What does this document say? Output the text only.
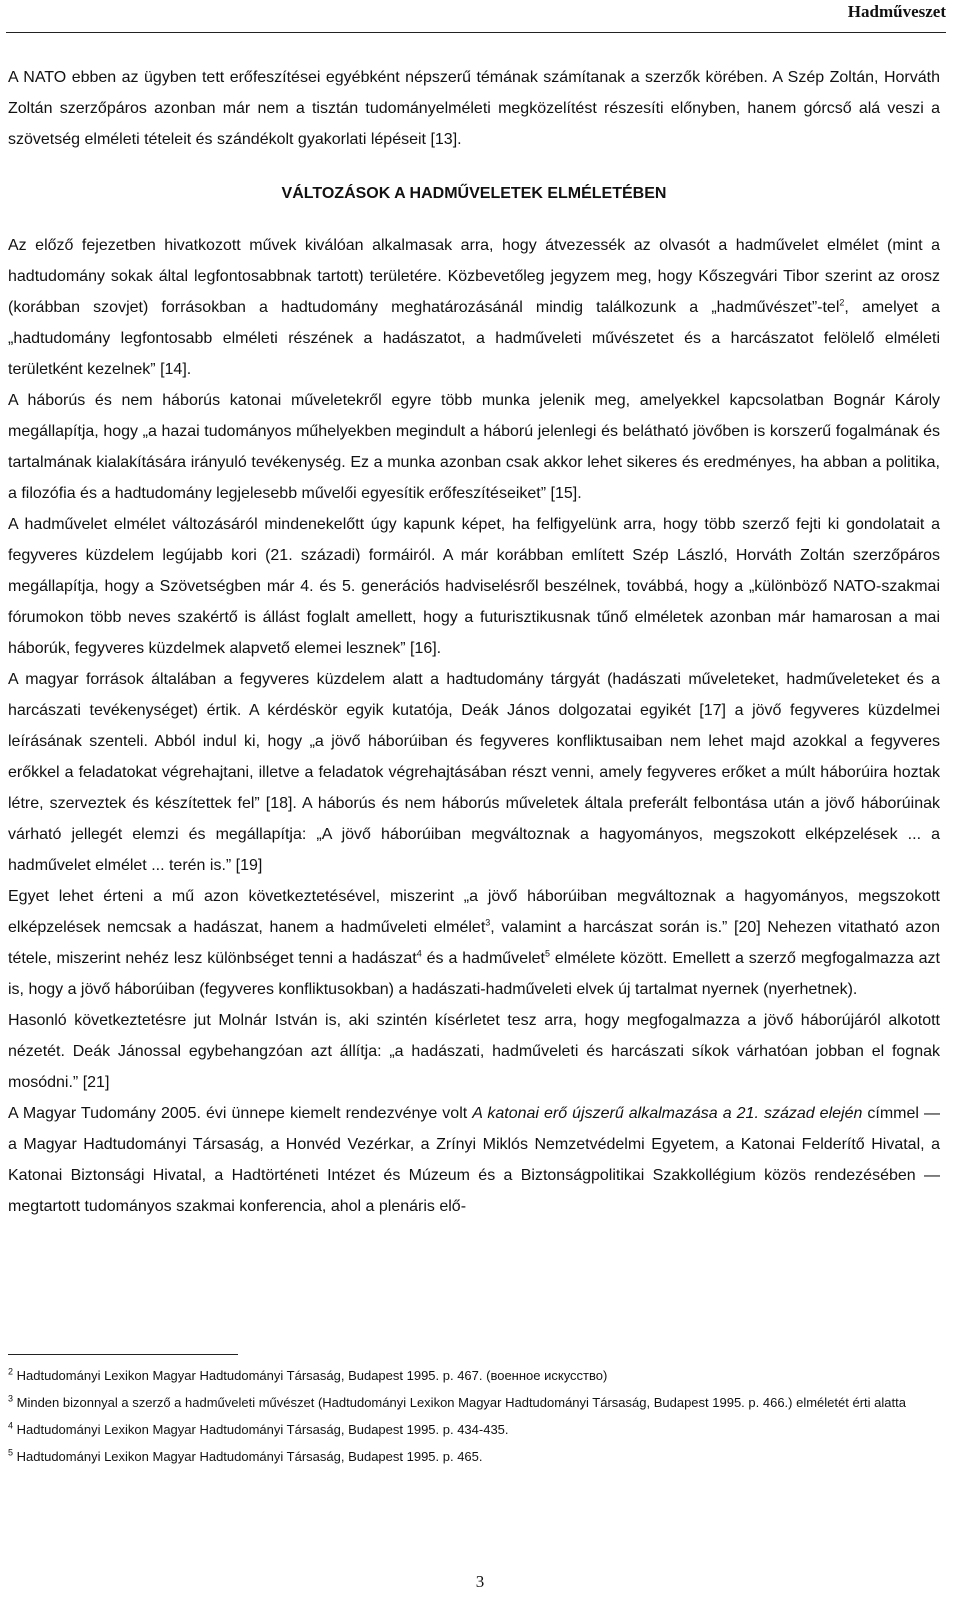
Hadműveszet

A NATO ebben az ügyben tett erőfeszítései egyébként népszerű témának számítanak a szerzők körében. A Szép Zoltán, Horváth Zoltán szerzőpáros azonban már nem a tisztán tudományelméleti megközelítést részesíti előnyben, hanem górcső alá veszi a szövetség elméleti tételeit és szándékolt gyakorlati lépéseit [13].

VÁLTOZÁSOK A HADMŰVELETEK ELMÉLETÉBEN

Az előző fejezetben hivatkozott művek kiválóan alkalmasak arra, hogy átvezessék az olvasót a hadművelet elmélet (mint a hadtudomány sokak által legfontosabbnak tartott) területére. Közbevetőleg jegyzem meg, hogy Kőszegvári Tibor szerint az orosz (korábban szovjet) forrásokban a hadtudomány meghatározásánál mindig találkozunk a „hadművészet”-tel$^2$, amelyet a „hadtudomány legfontosabb elméleti részének a hadászatot, a hadműveleti művészetet és a harcászatot felölelő elméleti területként kezelnek” [14].

A háborús és nem háborús katonai műveletekről egyre több munka jelenik meg, amelyekkel kapcsolatban Bognár Károly megállapítja, hogy „a hazai tudományos műhelyekben megindult a háború jelenlegi és belátható jövőben is korszerű fogalmának és tartalmának kialakítására irányuló tevékenység. Ez a munka azonban csak akkor lehet sikeres és eredményes, ha abban a politika, a filozófia és a hadtudomány legjelesebb művelői egyesítik erőfeszítéseiket” [15].

A hadművelet elmélet változásáról mindenekelőtt úgy kapunk képet, ha felfigyelünk arra, hogy több szerző fejti ki gondolatait a fegyveres küzdelem legújabb kori (21. századi) formáiról. A már korábban említett Szép László, Horváth Zoltán szerzőpáros megállapítja, hogy a Szövetségben már 4. és 5. generációs hadviselésről beszélnek, továbbá, hogy a „különböző NATO-szakmai fórumokon több neves szakértő is állást foglalt amellett, hogy a futurisztikusnak tűnő elméletek azonban már hamarosan a mai háborúk, fegyveres küzdelmek alapvető elemei lesznek” [16].

A magyar források általában a fegyveres küzdelem alatt a hadtudomány tárgyát (hadászati műveleteket, hadműveleteket és a harcászati tevékenységet) értik. A kérdéskör egyik kutatója, Deák János dolgozatai egyikét [17] a jövő fegyveres küzdelmei leírásának szenteli. Abból indul ki, hogy „a jövő háborúiban és fegyveres konfliktusaiban nem lehet majd azokkal a fegyveres erőkkel a feladatokat végrehajtani, illetve a feladatok végrehajtásában részt venni, amely fegyveres erőket a múlt háborúira hoztak létre, szerveztek és készítettek fel” [18]. A háborús és nem háborús műveletek általa preferált felbontása után a jövő háborúinak várható jellegét elemzi és megállapítja: „A jövő háborúiban megváltoznak a hagyományos, megszokott elképzelések ... a hadművelet elmélet ... terén is.” [19]

Egyet lehet érteni a mű azon következtetésével, miszerint „a jövő háborúiban megváltoznak a hagyományos, megszokott elképzelések nemcsak a hadászat, hanem a hadműveleti elmélet$^3$, valamint a harcászat során is.” [20] Nehezen vitatható azon tétele, miszerint nehéz lesz különbséget tenni a hadászat$^4$ és a hadművelet$^5$ elmélete között. Emellett a szerző megfogalmazza azt is, hogy a jövő háborúiban (fegyveres konfliktusokban) a hadászati-hadműveleti elvek új tartalmat nyernek (nyerhetnek).

Hasonló következtetésre jut Molnár István is, aki szintén kísérletet tesz arra, hogy megfogalmazza a jövő háborújáról alkotott nézetét. Deák Jánossal egybehangzóan azt állítja: „a hadászati, hadműveleti és harcászati síkok várhatóan jobban el fognak mosódni.” [21]

A Magyar Tudomány 2005. évi ünnepe kiemelt rendezvénye volt A katonai erő újszerű alkalmazása a 21. század elején címmel — a Magyar Hadtudományi Társaság, a Honvéd Vezérkar, a Zrínyi Miklós Nemzetvédelmi Egyetem, a Katonai Felderítő Hivatal, a Katonai Biztonsági Hivatal, a Hadtörténeti Intézet és Múzeum és a Biztonságpolitikai Szakkollégium közös rendezésében — megtartott tudományos szakmai konferencia, ahol a plenáris elő-

$^2$ Hadtudományi Lexikon Magyar Hadtudományi Társaság, Budapest 1995. p. 467. (военное искусство)

$^3$ Minden bizonnyal a szerző a hadműveleti művészet (Hadtudományi Lexikon Magyar Hadtudományi Társaság, Budapest 1995. p. 466.) elméletét érti alatta

$^4$ Hadtudományi Lexikon Magyar Hadtudományi Társaság, Budapest 1995. p. 434-435.

$^5$ Hadtudományi Lexikon Magyar Hadtudományi Társaság, Budapest 1995. p. 465.

3
